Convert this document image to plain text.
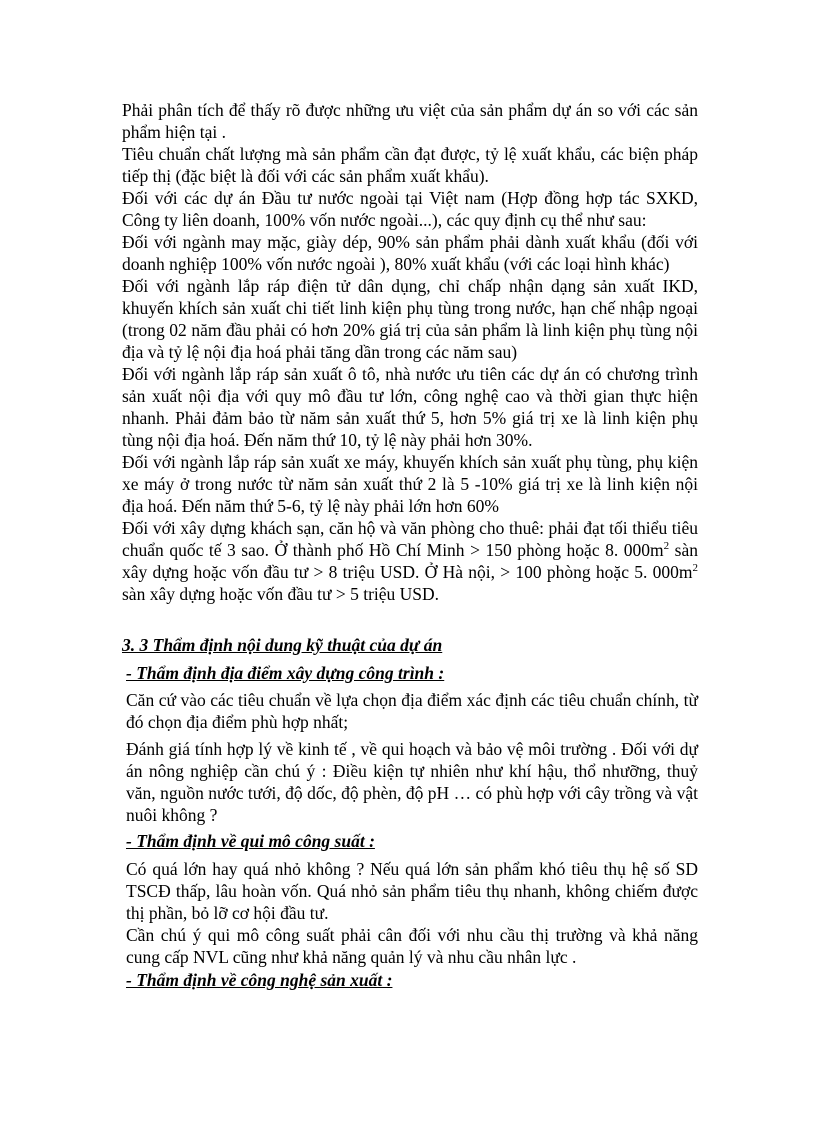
Phải phân tích để thấy rõ được những ưu việt của sản phẩm dự án so với các sản phẩm hiện tại .

Tiêu chuẩn chất lượng mà sản phẩm cần đạt được, tỷ lệ xuất khẩu, các biện pháp tiếp thị (đặc biệt là đối với các sản phẩm xuất khẩu).

Đối với các dự án Đầu tư nước ngoài tại Việt nam (Hợp đồng hợp tác SXKD, Công ty liên doanh, 100% vốn nước ngoài...), các quy định cụ thể như sau:

Đối với ngành may mặc, giày dép, 90% sản phẩm phải dành xuất khẩu (đối với doanh nghiệp 100% vốn nước ngoài ), 80% xuất khẩu (với các loại hình khác)

Đối với ngành lắp ráp điện tử dân dụng, chỉ chấp nhận dạng sản xuất IKD, khuyến khích sản xuất chi tiết linh kiện phụ tùng trong nước, hạn chế nhập ngoại (trong 02 năm đầu phải có hơn 20% giá trị của sản phẩm là linh kiện phụ tùng nội địa và tỷ lệ nội địa hoá phải tăng dần trong các năm sau)

Đối với ngành lắp ráp sản xuất ô tô, nhà nước ưu tiên các dự án có chương trình sản xuất nội địa với quy mô đầu tư lớn, công nghệ cao và thời gian thực hiện nhanh. Phải đảm bảo từ năm sản xuất thứ 5, hơn 5% giá trị xe là linh kiện phụ tùng nội địa hoá. Đến năm thứ 10, tỷ lệ này phải hơn 30%.

Đối với ngành lắp ráp sản xuất xe máy, khuyến khích sản xuất phụ tùng, phụ kiện xe máy ở trong nước từ năm sản xuất thứ 2 là 5 -10% giá trị xe là linh kiện nội địa hoá. Đến năm thứ 5-6, tỷ lệ này phải lớn hơn 60%

Đối với xây dựng khách sạn, căn hộ và văn phòng cho thuê: phải đạt tối thiểu tiêu chuẩn quốc tế 3 sao. Ở thành phố Hồ Chí Minh > 150 phòng hoặc 8. $000m^2$ sàn xây dựng hoặc vốn đầu tư > 8 triệu USD. Ở Hà nội, > 100 phòng hoặc 5. $000m^2$ sàn xây dựng hoặc vốn đầu tư > 5 triệu USD.

3. 3 Thẩm định nội dung kỹ thuật của dự án

- Thẩm định địa điểm xây dựng công trình :

Căn cứ vào các tiêu chuẩn về lựa chọn địa điểm xác định các tiêu chuẩn chính, từ đó chọn địa điểm phù hợp nhất;

Đánh giá tính hợp lý về kinh tế , về qui hoạch và bảo vệ môi trường . Đối với dự án nông nghiệp cần chú ý : Điều kiện tự nhiên như khí hậu, thổ nhưỡng, thuỷ văn, nguồn nước tưới, độ dốc, độ phèn, độ pH … có phù hợp với cây trồng và vật nuôi không ?

- Thẩm định về qui mô công suất :

Có quá lớn hay quá nhỏ không ? Nếu quá lớn sản phẩm khó tiêu thụ hệ số SD TSCĐ thấp, lâu hoàn vốn. Quá nhỏ sản phẩm tiêu thụ nhanh, không chiếm được thị phần, bỏ lỡ cơ hội đầu tư.

Cần chú ý qui mô công suất phải cân đối với nhu cầu thị trường và khả năng cung cấp NVL cũng như khả năng quản lý và nhu cầu nhân lực .

- Thẩm định về công nghệ sản xuất :
